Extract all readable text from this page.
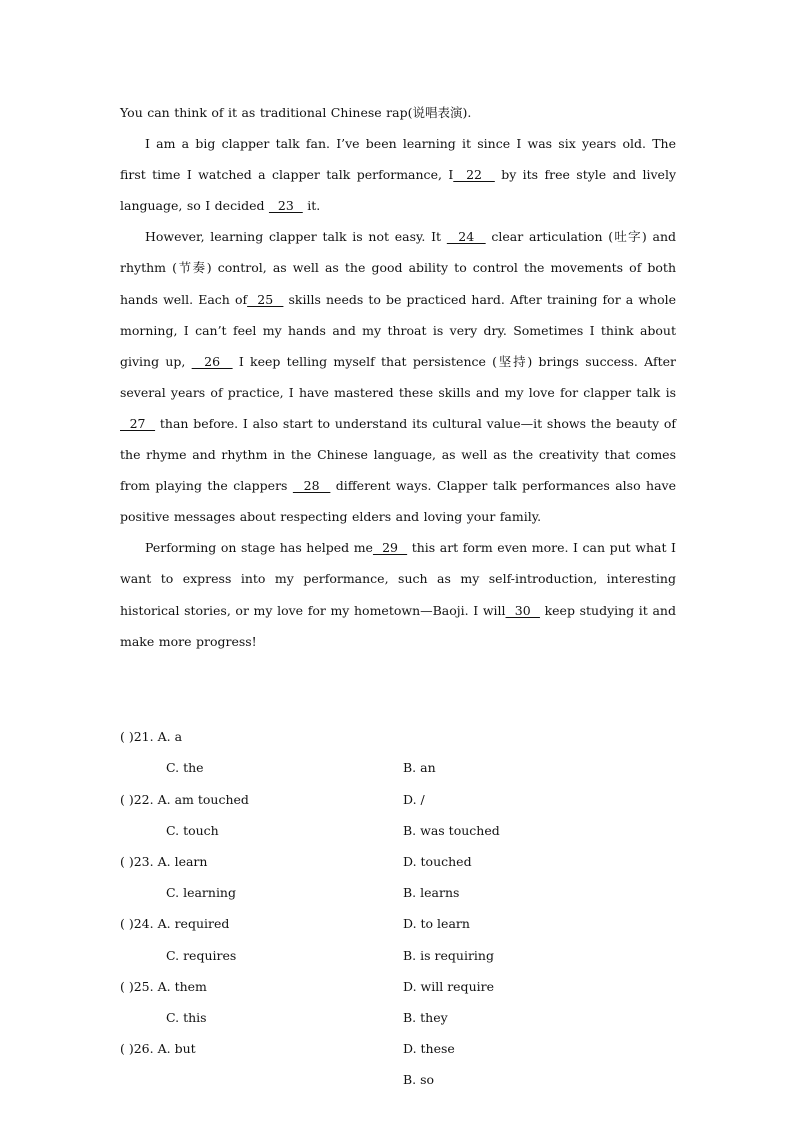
You can think of it as traditional Chinese rap(说唱表演).

I am a big clapper talk fan. I’ve been learning it since I was six years old. The first time I watched a clapper talk performance, I  22   by its free style and lively language, so I decided   23   it.

However, learning clapper talk is not easy. It   24   clear articulation (吐字) and rhythm (节奏) control, as well as the good ability to control the movements of both hands well. Each of  25   skills needs to be practiced hard. After training for a whole morning, I can’t feel my hands and my throat is very dry. Sometimes I think about giving up,   26   I keep telling myself that persistence (坚持) brings success. After several years of practice, I have mastered these skills and my love for clapper talk is  27   than before. I also start to understand its cultural value—it shows the beauty of the rhyme and rhythm in the Chinese language, as well as the creativity that comes from playing the clappers   28   different ways. Clapper talk performances also have positive messages about respecting elders and loving your family.

Performing on stage has helped me  29   this art form even more. I can put what I want to express into my performance, such as my self-introduction, interesting historical stories, or my love for my hometown—Baoji. I will  30   keep studying it and make more progress!

( )21. A. a

B. an

C. the

D. /

( )22. A. am touched

B. was touched

C. touch

D. touched

( )23. A. learn

B. learns

C. learning

D. to learn

( )24. A. required

B. is requiring

C. requires

D. will require

( )25. A. them

B. they

C. this

D. these

( )26. A. but

B. so
